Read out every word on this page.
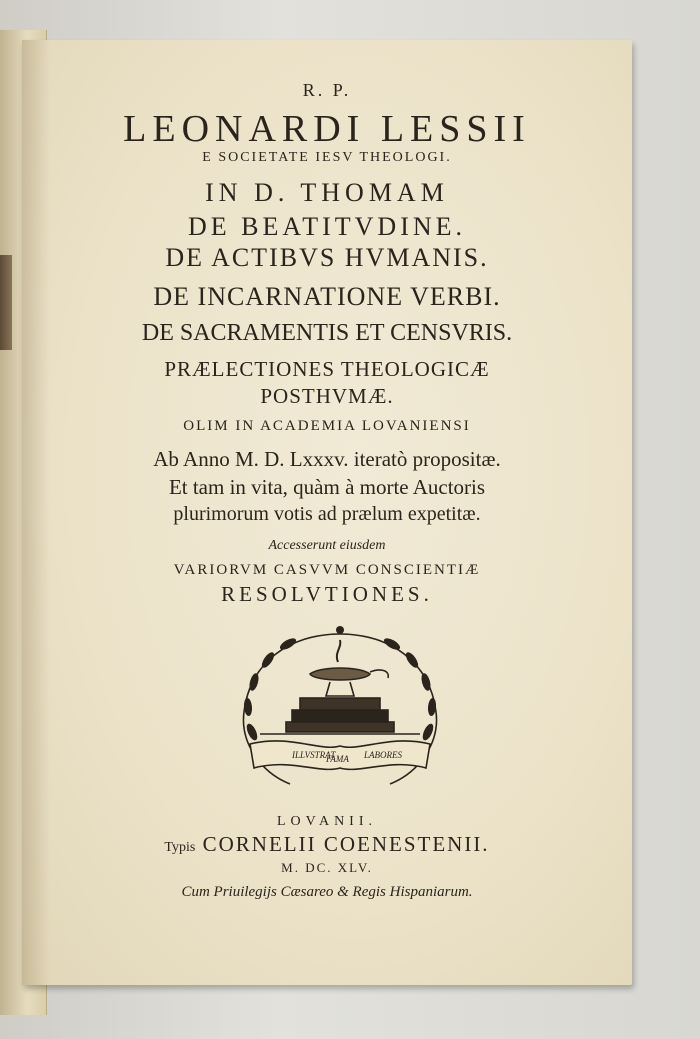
R. P.
LEONARDI LESSII
E SOCIETATE IESV THEOLOGI.
IN D. THOMAM
DE BEATITVDINE.
DE ACTIBVS HVMANIS.
DE INCARNATIONE VERBI.
DE SACRAMENTIS ET CENSVRIS.
PRÆLECTIONES THEOLOGICÆ
POSTHVMÆ.
OLIM IN ACADEMIA LOVANIENSI
Ab Anno M. D. Lxxxv. iteratò propositæ.
Et tam in vita, quàm à morte Auctoris
plurimorum votis ad prælum expetitæ.
Accesserunt eiusdem
VARIORVM CASVVM CONSCIENTIÆ
RESOLVTIONES.
ILLVSTRAT
FAMA LABORES
LOVANII.
Typis CORNELII COENESTENII.
M. DC. XLV.
Cum Priuilegijs Cæsareo & Regis Hispaniarum.
